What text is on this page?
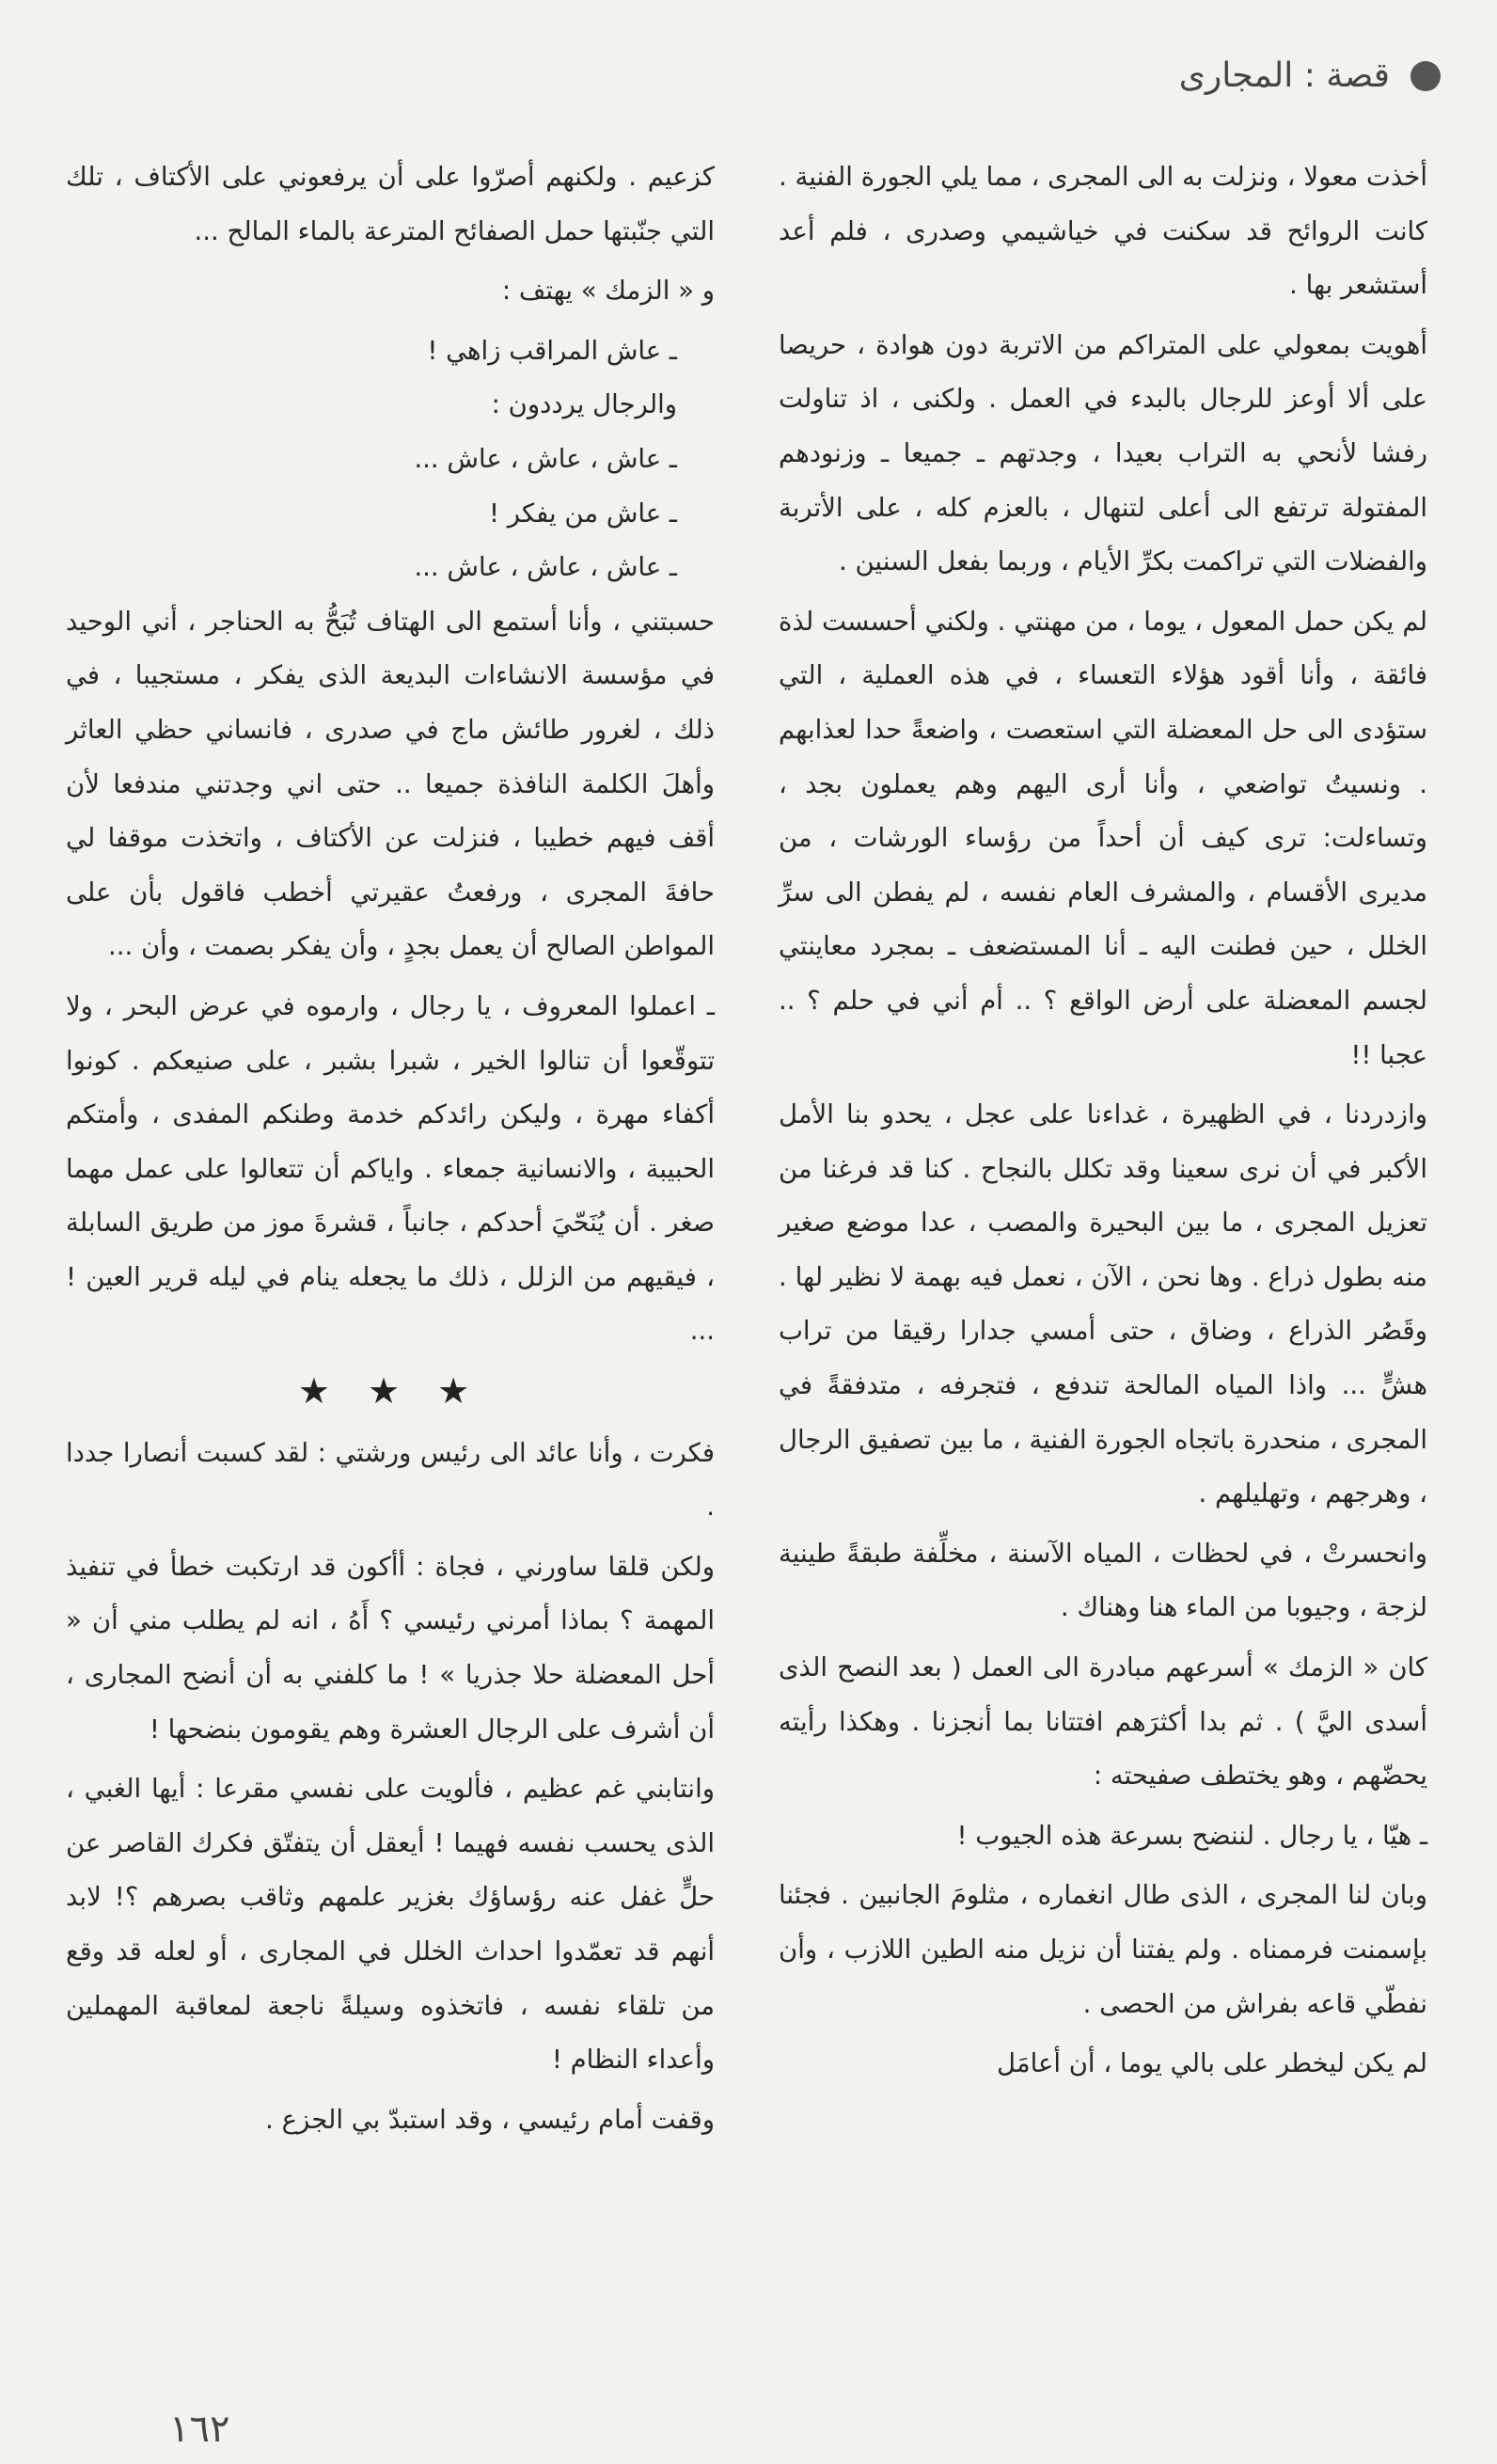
قصة : المجارى

أخذت معولا ، ونزلت به الى المجرى ، مما يلي الجورة الفنية . كانت الروائح قد سكنت في خياشيمي وصدرى ، فلم أعد أستشعر بها .

أهويت بمعولي على المتراكم من الاتربة دون هوادة ، حريصا على ألا أوعز للرجال بالبدء في العمل . ولكنى ، اذ تناولت رفشا لأنحي به التراب بعيدا ، وجدتهم ـ جميعا ـ وزنودهم المفتولة ترتفع الى أعلى لتنهال ، بالعزم كله ، على الأتربة والفضلات التي تراكمت بكرِّ الأيام ، وربما بفعل السنين .

لم يكن حمل المعول ، يوما ، من مهنتي . ولكني أحسست لذة فائقة ، وأنا أقود هؤلاء التعساء ، في هذه العملية ، التي ستؤدى الى حل المعضلة التي استعصت ، واضعةً حدا لعذابهم . ونسيتُ تواضعي ، وأنا أرى اليهم وهم يعملون بجد ، وتساءلت: ترى كيف أن أحداً من رؤساء الورشات ، من مديرى الأقسام ، والمشرف العام نفسه ، لم يفطن الى سرِّ الخلل ، حين فطنت اليه ـ أنا المستضعف ـ بمجرد معاينتي لجسم المعضلة على أرض الواقع ؟ .. أم أني في حلم ؟ .. عجبا !!

وازدردنا ، في الظهيرة ، غداءنا على عجل ، يحدو بنا الأمل الأكبر في أن نرى سعينا وقد تكلل بالنجاح . كنا قد فرغنا من تعزيل المجرى ، ما بين البحيرة والمصب ، عدا موضع صغير منه بطول ذراع . وها نحن ، الآن ، نعمل فيه بهمة لا نظير لها . وقَصُر الذراع ، وضاق ، حتى أمسي جدارا رقيقا من تراب هشٍّ ... واذا المياه المالحة تندفع ، فتجرفه ، متدفقةً في المجرى ، منحدرة باتجاه الجورة الفنية ، ما بين تصفيق الرجال ، وهرجهم ، وتهليلهم .

وانحسرتْ ، في لحظات ، المياه الآسنة ، مخلِّفة طبقةً طينية لزجة ، وجيوبا من الماء هنا وهناك .

كان « الزمك » أسرعهم مبادرة الى العمل ( بعد النصح الذى أسدى اليَّ ) . ثم بدا أكثرَهم افتتانا بما أنجزنا . وهكذا رأيته يحضّهم ، وهو يختطف صفيحته :

ـ هيّا ، يا رجال . لننضح بسرعة هذه الجيوب !

وبان لنا المجرى ، الذى طال انغماره ، مثلومَ الجانبين . فجئنا بإسمنت فرممناه . ولم يفتنا أن نزيل منه الطين اللازب ، وأن نفطّي قاعه بفراش من الحصى .

لم يكن ليخطر على بالي يوما ، أن أعامَل

كزعيم . ولكنهم أصرّوا على أن يرفعوني على الأكتاف ، تلك التي جنّبتها حمل الصفائح المترعة بالماء المالح ...

و « الزمك » يهتف :

ـ عاش المراقب زاهي !

والرجال يرددون :

ـ عاش ، عاش ، عاش ...

ـ عاش من يفكر !

ـ عاش ، عاش ، عاش ...

حسبتني ، وأنا أستمع الى الهتاف تُبَحُّ به الحناجر ، أني الوحيد في مؤسسة الانشاءات البديعة الذى يفكر ، مستجيبا ، في ذلك ، لغرور طائش ماج في صدرى ، فانساني حظي العاثر وأهلَ الكلمة النافذة جميعا .. حتى اني وجدتني مندفعا لأن أقف فيهم خطيبا ، فنزلت عن الأكتاف ، واتخذت موقفا لي حافةَ المجرى ، ورفعتُ عقيرتي أخطب فاقول بأن على المواطن الصالح أن يعمل بجدٍ ، وأن يفكر بصمت ، وأن ...

ـ اعملوا المعروف ، يا رجال ، وارموه في عرض البحر ، ولا تتوقّعوا أن تنالوا الخير ، شبرا بشبر ، على صنيعكم . كونوا أكفاء مهرة ، وليكن رائدكم خدمة وطنكم المفدى ، وأمتكم الحبيبة ، والانسانية جمعاء . واياكم أن تتعالوا على عمل مهما صغر . أن يُنَحّيَ أحدكم ، جانباً ، قشرةَ موز من طريق السابلة ، فيقيهم من الزلل ، ذلك ما يجعله ينام في ليله قرير العين ! ...

★ ★ ★

فكرت ، وأنا عائد الى رئيس ورشتي : لقد كسبت أنصارا جددا .

ولكن قلقا ساورني ، فجاة : أأكون قد ارتكبت خطأ في تنفيذ المهمة ؟ بماذا أمرني رئيسي ؟ أَهُ ، انه لم يطلب مني أن « أحل المعضلة حلا جذريا » ! ما كلفني به أن أنضح المجارى ، أن أشرف على الرجال العشرة وهم يقومون بنضحها !

وانتابني غم عظيم ، فألويت على نفسي مقرعا : أيها الغبي ، الذى يحسب نفسه فهيما ! أيعقل أن يتفتّق فكرك القاصر عن حلٍّ غفل عنه رؤساؤك بغزير علمهم وثاقب بصرهم ؟! لابد أنهم قد تعمّدوا احداث الخلل في المجارى ، أو لعله قد وقع من تلقاء نفسه ، فاتخذوه وسيلةً ناجعة لمعاقبة المهملين وأعداء النظام !

وقفت أمام رئيسي ، وقد استبدّ بي الجزع .

١٦٢
